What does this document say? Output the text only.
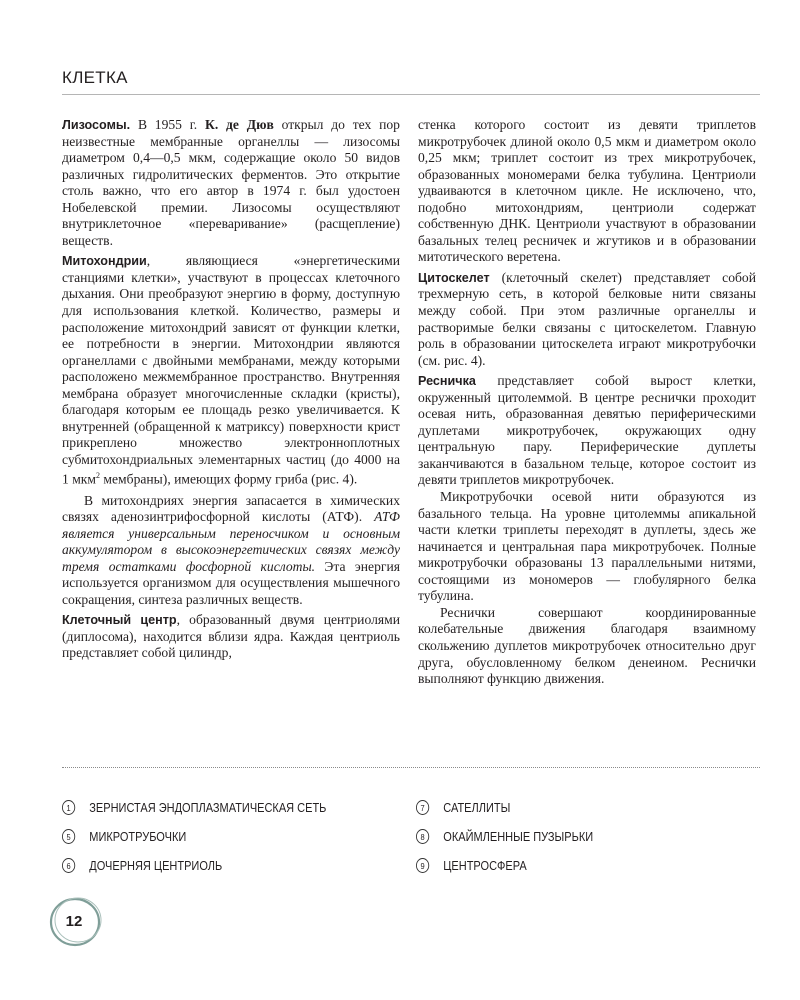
КЛЕТКА

Лизосомы. В 1955 г. К. де Дюв открыл до тех пор неизвестные мембранные органеллы — лизосомы диаметром 0,4—0,5 мкм, содержащие около 50 видов различных гидролитических ферментов. Это открытие столь важно, что его автор в 1974 г. был удостоен Нобелевской премии. Лизосомы осуществляют внутриклеточное «переваривание» (расщепление) веществ.

Митохондрии, являющиеся «энергетическими станциями клетки», участвуют в процессах клеточного дыхания. Они преобразуют энергию в форму, доступную для использования клеткой. Количество, размеры и расположение митохондрий зависят от функции клетки, ее потребности в энергии. Митохондрии являются органеллами с двойными мембранами, между которыми расположено межмембранное пространство. Внутренняя мембрана образует многочисленные складки (кристы), благодаря которым ее площадь резко увеличивается. К внутренней (обращенной к матриксу) поверхности крист прикреплено множество электронноплотных субмитохондриальных элементарных частиц (до 4000 на 1 мкм$^2$ мембраны), имеющих форму гриба (рис. 4).

В митохондриях энергия запасается в химических связях аденозинтрифосфорной кислоты (АТФ). АТФ является универсальным переносчиком и основным аккумулятором в высокоэнергетических связях между тремя остатками фосфорной кислоты. Эта энергия используется организмом для осуществления мышечного сокращения, синтеза различных веществ.

Клеточный центр, образованный двумя центриолями (диплосома), находится вблизи ядра. Каждая центриоль представляет собой цилиндр,

стенка которого состоит из девяти триплетов микротрубочек длиной около 0,5 мкм и диаметром около 0,25 мкм; триплет состоит из трех микротрубочек, образованных мономерами белка тубулина. Центриоли удваиваются в клеточном цикле. Не исключено, что, подобно митохондриям, центриоли содержат собственную ДНК. Центриоли участвуют в образовании базальных телец ресничек и жгутиков и в образовании митотического веретена.

Цитоскелет (клеточный скелет) представляет собой трехмерную сеть, в которой белковые нити связаны между собой. При этом различные органеллы и растворимые белки связаны с цитоскелетом. Главную роль в образовании цитоскелета играют микротрубочки (см. рис. 4).

Ресничка представляет собой вырост клетки, окруженный цитолеммой. В центре реснички проходит осевая нить, образованная девятью периферическими дуплетами микротрубочек, окружающих одну центральную пару. Периферические дуплеты заканчиваются в базальном тельце, которое состоит из девяти триплетов микротрубочек.

Микротрубочки осевой нити образуются из базального тельца. На уровне цитолеммы апикальной части клетки триплеты переходят в дуплеты, здесь же начинается и центральная пара микротрубочек. Полные микротрубочки образованы 13 параллельными нитями, состоящими из мономеров — глобулярного белка тубулина.

Реснички совершают координированные колебательные движения благодаря взаимному скольжению дуплетов микротрубочек относительно друг друга, обусловленному белком денеином. Реснички выполняют функцию движения.

1	ЗЕРНИСТАЯ ЭНДОПЛАЗМАТИЧЕСКАЯ СЕТЬ
5	МИКРОТРУБОЧКИ
6	ДОЧЕРНЯЯ ЦЕНТРИОЛЬ
7	САТЕЛЛИТЫ
8	ОКАЙМЛЕННЫЕ ПУЗЫРЬКИ
9	ЦЕНТРОСФЕРА
12
